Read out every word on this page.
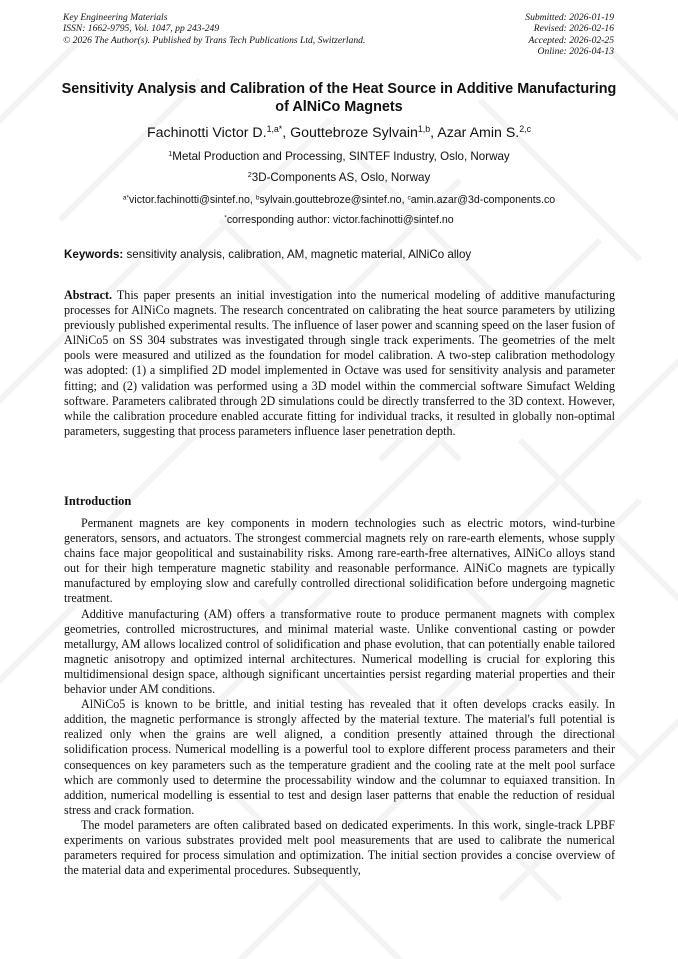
Key Engineering Materials
ISSN: 1662-9795, Vol. 1047, pp 243-249
© 2026 The Author(s). Published by Trans Tech Publications Ltd, Switzerland.
Submitted: 2026-01-19
Revised: 2026-02-16
Accepted: 2026-02-25
Online: 2026-04-13
Sensitivity Analysis and Calibration of the Heat Source in Additive Manufacturing of AlNiCo Magnets
Fachinotti Victor D.$^{1,a*}$, Gouttebroze Sylvain$^{1,b}$, Azar Amin S.$^{2,c}$
$^1$Metal Production and Processing, SINTEF Industry, Oslo, Norway
$^2$3D-Components AS, Oslo, Norway
$^{a*}$victor.fachinotti@sintef.no, $^b$sylvain.gouttebroze@sintef.no, $^c$amin.azar@3d-components.co
*corresponding author: victor.fachinotti@sintef.no
Keywords: sensitivity analysis, calibration, AM, magnetic material, AlNiCo alloy

Abstract. This paper presents an initial investigation into the numerical modeling of additive manufacturing processes for AlNiCo magnets. The research concentrated on calibrating the heat source parameters by utilizing previously published experimental results. The influence of laser power and scanning speed on the laser fusion of AlNiCo5 on SS 304 substrates was investigated through single track experiments. The geometries of the melt pools were measured and utilized as the foundation for model calibration. A two-step calibration methodology was adopted: (1) a simplified 2D model implemented in Octave was used for sensitivity analysis and parameter fitting; and (2) validation was performed using a 3D model within the commercial software Simufact Welding software. Parameters calibrated through 2D simulations could be directly transferred to the 3D context. However, while the calibration procedure enabled accurate fitting for individual tracks, it resulted in globally non-optimal parameters, suggesting that process parameters influence laser penetration depth.

Introduction

Permanent magnets are key components in modern technologies such as electric motors, wind-turbine generators, sensors, and actuators. The strongest commercial magnets rely on rare-earth elements, whose supply chains face major geopolitical and sustainability risks. Among rare-earth-free alternatives, AlNiCo alloys stand out for their high temperature magnetic stability and reasonable performance. AlNiCo magnets are typically manufactured by employing slow and carefully controlled directional solidification before undergoing magnetic treatment.

Additive manufacturing (AM) offers a transformative route to produce permanent magnets with complex geometries, controlled microstructures, and minimal material waste. Unlike conventional casting or powder metallurgy, AM allows localized control of solidification and phase evolution, that can potentially enable tailored magnetic anisotropy and optimized internal architectures. Numerical modelling is crucial for exploring this multidimensional design space, although significant uncertainties persist regarding material properties and their behavior under AM conditions.

AlNiCo5 is known to be brittle, and initial testing has revealed that it often develops cracks easily. In addition, the magnetic performance is strongly affected by the material texture. The material's full potential is realized only when the grains are well aligned, a condition presently attained through the directional solidification process. Numerical modelling is a powerful tool to explore different process parameters and their consequences on key parameters such as the temperature gradient and the cooling rate at the melt pool surface which are commonly used to determine the processability window and the columnar to equiaxed transition. In addition, numerical modelling is essential to test and design laser patterns that enable the reduction of residual stress and crack formation.

The model parameters are often calibrated based on dedicated experiments. In this work, single-track LPBF experiments on various substrates provided melt pool measurements that are used to calibrate the numerical parameters required for process simulation and optimization. The initial section provides a concise overview of the material data and experimental procedures. Subsequently,
